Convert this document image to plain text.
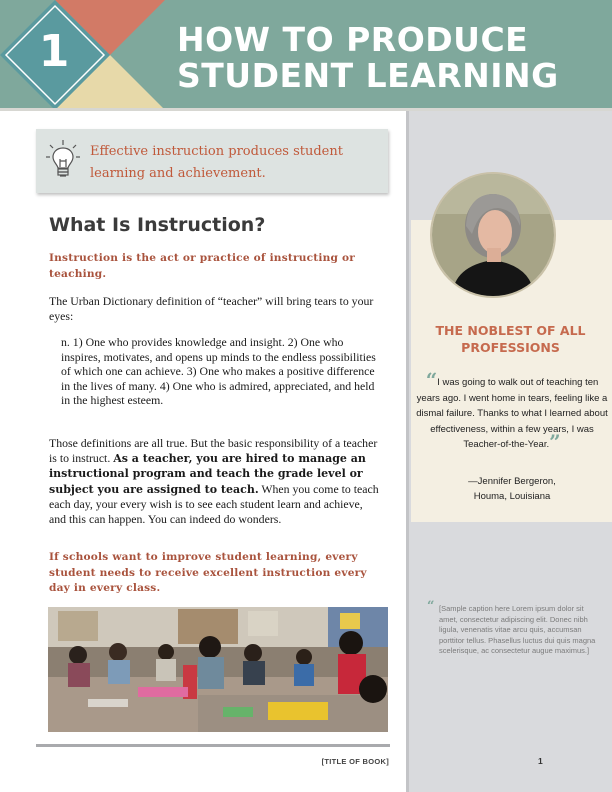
1	HOW TO PRODUCE
STUDENT LEARNING
THE NOBLEST OF ALL PROFESSIONS
“I was going to walk out of teaching ten years ago. I went home in tears, feeling like a dismal failure. Thanks to what I learned about effectiveness, within a few years, I was Teacher-of-the-Year.”
—Jennifer Bergeron,
Houma, Louisiana
“ [Sample caption here Lorem ipsum dolor sit amet, consectetur adipiscing elit. Donec nibh ligula, venenatis vitae arcu quis, accumsan porttitor tellus. Phasellus luctus dui quis magna scelerisque, ac consectetur augue maximus.]
Effective instruction produces student learning and achievement.
What Is Instruction?
Instruction is the act or practice of instructing or teaching.
The Urban Dictionary definition of “teacher” will bring tears to your eyes:
n. 1) One who provides knowledge and insight. 2) One who inspires, motivates, and opens up minds to the endless possibilities of which one can achieve. 3) One who makes a positive difference in the lives of many. 4) One who is admired, appreciated, and held in the highest esteem.
Those definitions are all true. But the basic responsibility of a teacher is to instruct. As a teacher, you are hired to manage an instructional program and teach the grade level or subject you are assigned to teach. When you come to teach each day, your every wish is to see each student learn and achieve, and this can happen. You can indeed do wonders.
If schools want to improve student learning, every student needs to receive excellent instruction every day in every class.
[TITLE OF BOOK]	1
